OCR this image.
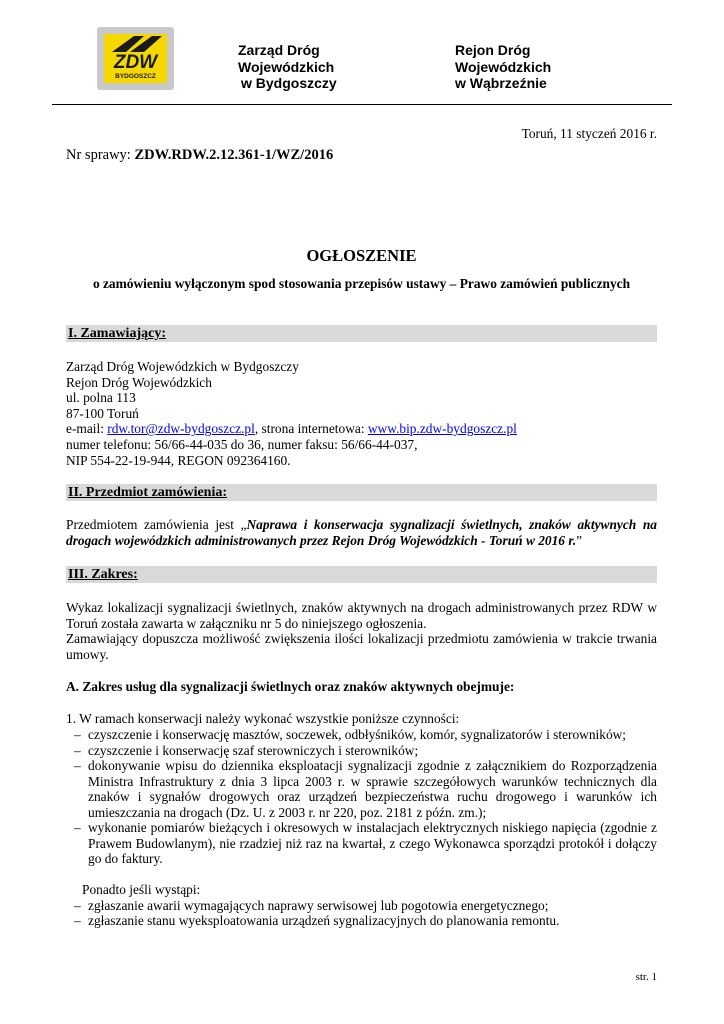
ZDW
BYDGOSZCZ
Zarząd Dróg
Wojewódzkich
w Bydgoszczy
Rejon Dróg
Wojewódzkich
w Wąbrzeźnie
Toruń, 11 styczeń 2016 r.
Nr sprawy: ZDW.RDW.2.12.361-1/WZ/2016
OGŁOSZENIE
o zamówieniu wyłączonym spod stosowania przepisów ustawy – Prawo zamówień publicznych
I. Zamawiający:
Zarząd Dróg Wojewódzkich w Bydgoszczy
Rejon Dróg Wojewódzkich
ul. polna 113
87-100 Toruń
e-mail: rdw.tor@zdw-bydgoszcz.pl, strona internetowa: www.bip.zdw-bydgoszcz.pl
numer telefonu: 56/66-44-035 do 36, numer faksu: 56/66-44-037,
NIP 554-22-19-944, REGON 092364160.
II. Przedmiot zamówienia:
Przedmiotem zamówienia jest „Naprawa i konserwacja sygnalizacji świetlnych, znaków aktywnych na drogach wojewódzkich administrowanych przez Rejon Dróg Wojewódzkich - Toruń w 2016 r.”
III. Zakres:
Wykaz lokalizacji sygnalizacji świetlnych, znaków aktywnych na drogach administrowanych przez RDW w Toruń została zawarta w załączniku nr 5 do niniejszego ogłoszenia.
Zamawiający dopuszcza możliwość zwiększenia ilości lokalizacji przedmiotu zamówienia w trakcie trwania umowy.
A. Zakres usług dla sygnalizacji świetlnych oraz znaków aktywnych obejmuje:
1. W ramach konserwacji należy wykonać wszystkie poniższe czynności:
– czyszczenie i konserwację masztów, soczewek, odbłyśników, komór, sygnalizatorów i sterowników;
– czyszczenie i konserwację szaf sterowniczych i sterowników;
– dokonywanie wpisu do dziennika eksploatacji sygnalizacji zgodnie z załącznikiem do Rozporządzenia Ministra Infrastruktury z dnia 3 lipca 2003 r. w sprawie szczegółowych warunków technicznych dla znaków i sygnałów drogowych oraz urządzeń bezpieczeństwa ruchu drogowego i warunków ich umieszczania na drogach (Dz. U. z 2003 r. nr 220, poz. 2181 z późn. zm.);
– wykonanie pomiarów bieżących i okresowych w instalacjach elektrycznych niskiego napięcia (zgodnie z Prawem Budowlanym), nie rzadziej niż raz na kwartał, z czego Wykonawca sporządzi protokół i dołączy go do faktury.
Ponadto jeśli wystąpi:
– zgłaszanie awarii wymagających naprawy serwisowej lub pogotowia energetycznego;
– zgłaszanie stanu wyeksploatowania urządzeń sygnalizacyjnych do planowania remontu.
str. 1
